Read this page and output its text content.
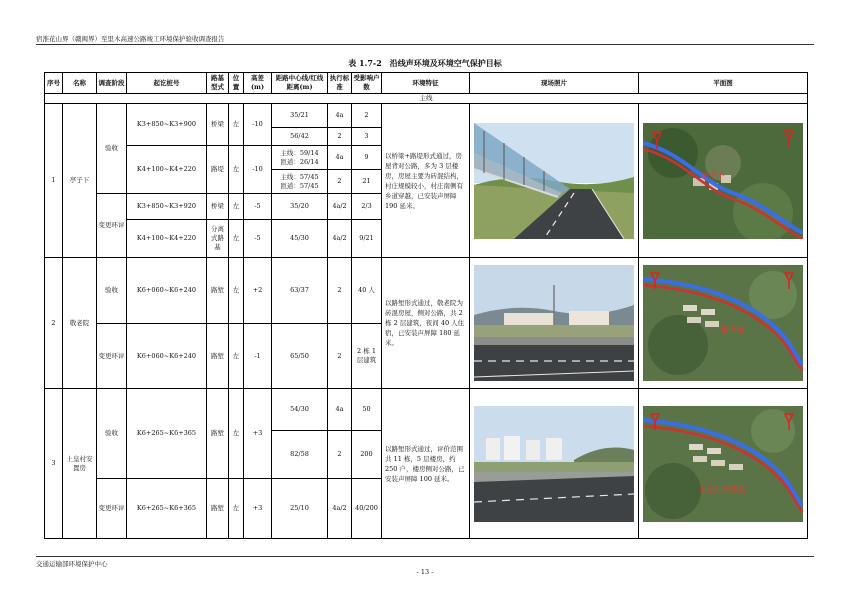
宿淮花山界（赣闽界）至里木高速公路竣工环境保护验收调查报告
表 1.7-2　沿线声环境及环境空气保护目标
序号	名称	调查阶段	起讫桩号	路基型式	位置	高差(m)	距路中心线/红线距离(m)	执行标准	受影响户数	环境特征	现场照片	平面图
主线												
1	亭子下	验收	K3+850~K3+900	桥梁	左	-10	35/21	4a	2	以桥梁+路堤形式通过，房屋背对公路，多为 3 层楼房，房屋主要为砖混结构，村庄规模较小，村庄南侧有乡道穿越，已安装声屏障 190 延米。		亭子下

							56/42	2	3			
			K4+100~K4+220	路堤	左	-10	主线：59/14
匝道：26/14	4a	9			
							主线：57/45
匝道：57/45	2	21			
		变更环评	K3+850~K3+920	桥梁	左	-5	35/20	4a/2	2/3			
			K4+100~K4+220	分离式路基	左	-5	45/30	4a/2	9/21			
2	敬老院	验收	K6+060~K6+240	路堑	左	+2	63/37	2	40 人	以路堑形式通过，敬老院为砖混房屋，侧对公路，共 2 栋 2 层建筑，夜间 40 人住宿，已安装声屏障 180 延米。		敬老院

		变更环评	K6+060~K6+240	路堑	左	-1	65/50	2	2 栋 1 层建筑			
3	上皇村安置房	验收	K6+265~K6+365	路堑	左	+3	54/30	4a	50	以路堑形式通过，评价范围共 11 栋，5 层楼房，约 250 户，楼房侧对公路，已安装声屏障 100 延米。		上皇村安置房

							82/58	2	200			
		变更环评	K6+265~K6+365	路堑	左	+3	25/10	4a/2	40/200			
交通运输部环境保护中心
- 13 -
